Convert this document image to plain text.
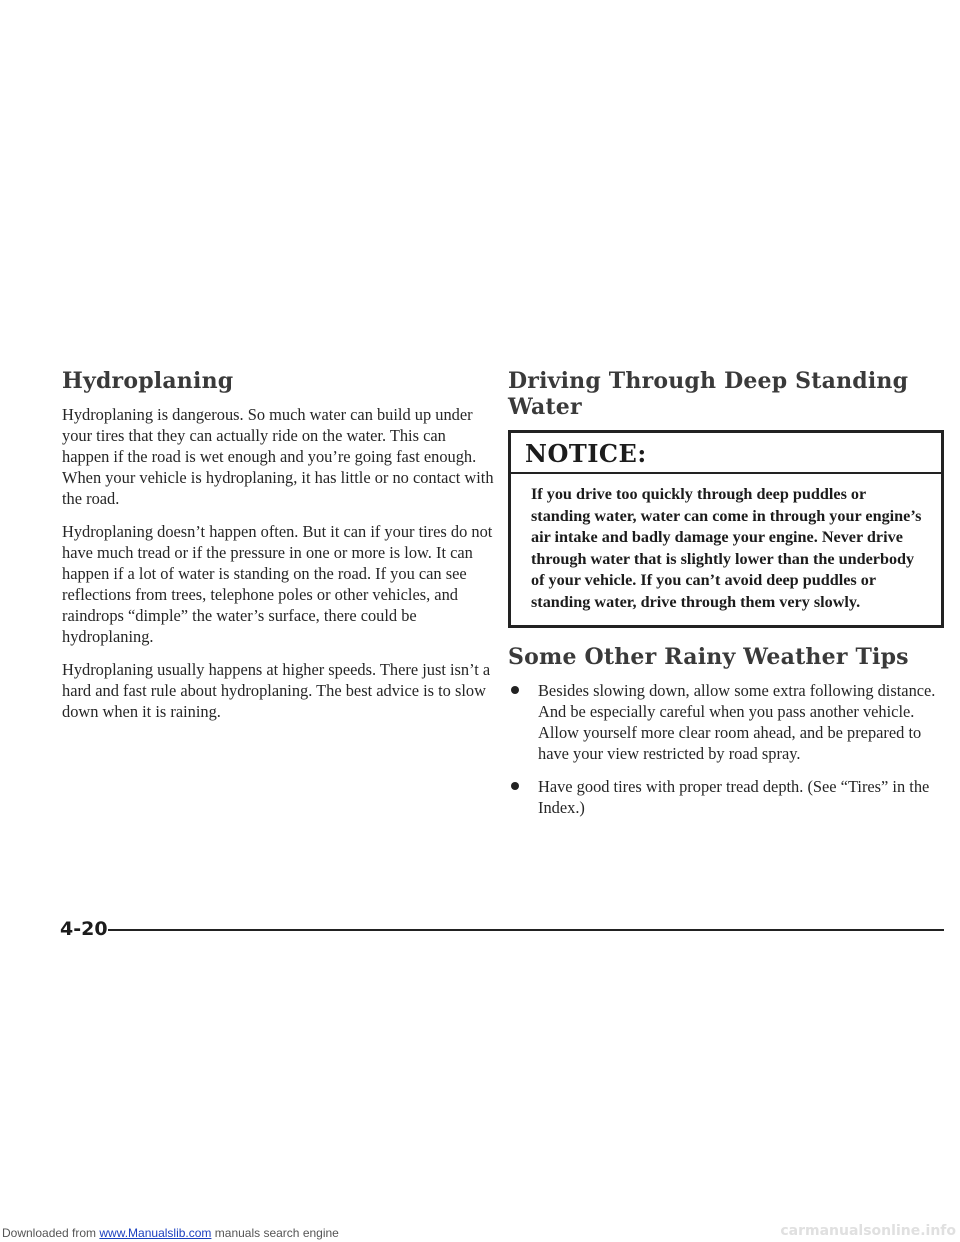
Hydroplaning

Hydroplaning is dangerous. So much water can build up under your tires that they can actually ride on the water. This can happen if the road is wet enough and you’re going fast enough. When your vehicle is hydroplaning, it has little or no contact with the road.

Hydroplaning doesn’t happen often. But it can if your tires do not have much tread or if the pressure in one or more is low. It can happen if a lot of water is standing on the road. If you can see reflections from trees, telephone poles or other vehicles, and raindrops “dimple” the water’s surface, there could be hydroplaning.

Hydroplaning usually happens at higher speeds. There just isn’t a hard and fast rule about hydroplaning. The best advice is to slow down when it is raining.

Driving Through Deep Standing Water
NOTICE:
If you drive too quickly through deep puddles or standing water, water can come in through your engine’s air intake and badly damage your engine. Never drive through water that is slightly lower than the underbody of your vehicle. If you can’t avoid deep puddles or standing water, drive through them very slowly.
Some Other Rainy Weather Tips
Besides slowing down, allow some extra following distance. And be especially careful when you pass another vehicle. Allow yourself more clear room ahead, and be prepared to have your view restricted by road spray.
Have good tires with proper tread depth. (See “Tires” in the Index.)
4-20
Downloaded from www.Manualslib.com manuals search engine	carmanualsonline.info
